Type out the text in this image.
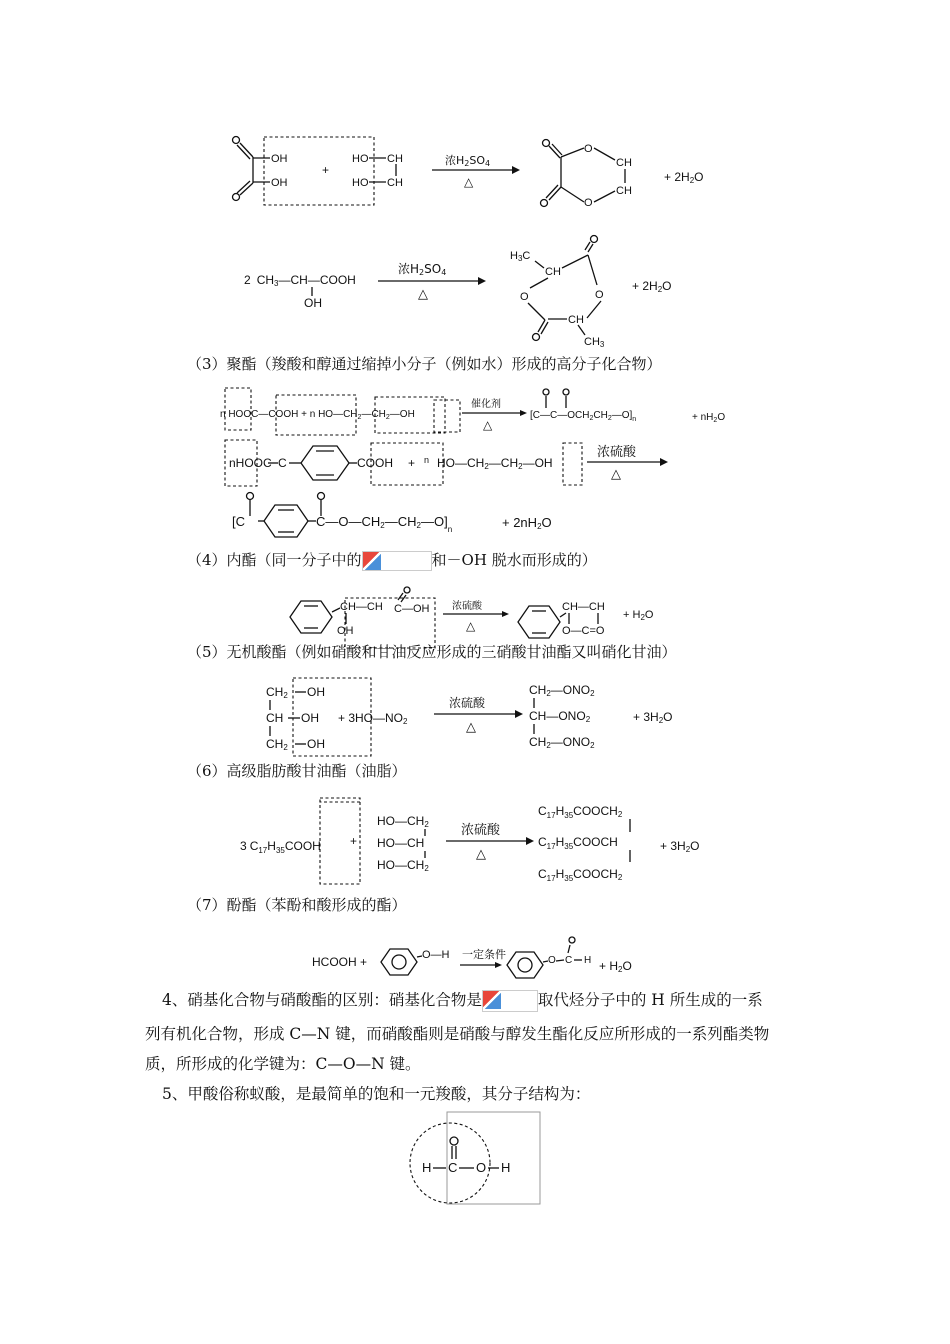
OH
OH
+
HO CH
HO CH
浓H2SO4
△
O
CH
CH
O
+ 2H2O
2 CH3—CH—COOH
OH
浓H2SO4
△
H3C
CH
O
O
CH
CH3
+ 2H2O
n HOOC—COOH + n $HO—CH_2—CH_2—OH$
催化剂
△
$[C—C—OCH_2CH_2—O]_n$	+ $nH_2O$
nHOOC C	COOH + n HO—CH2—CH2—OH
浓硫酸
△
[C	$C—O—CH2—CH2—O]_n$	+ 2nH2O
CH—CH C—OH
OH
浓硫酸
△
CH—CH
O—C=O
+ H2O
CH2 OH
CH OH
CH2 OH
+ 3HO—NO2
浓硫酸
△
CH2—ONO2
CH—ONO2
CH2—ONO2
+ 3H2O
3 $C_{17}H_{35}COOH$ +
HO—CH2
HO—CH
HO—CH2
浓硫酸
△
$C_{17}H_{35}COOCH2$
$C_{17}H_{35}COOCH$
$C_{17}H_{35}COOCH2$
+ 3H2O
HCOOH +	O—H 一定条件	O C H + H2O
H C O H
（3）聚酯（羧酸和醇通过缩掉小分子（例如水）形成的高分子化合物）
（4）内酯（同一分子中的	和－OH 脱水而形成的）
（5）无机酸酯（例如硝酸和甘油反应形成的三硝酸甘油酯又叫硝化甘油）
（6）高级脂肪酸甘油酯（油脂）
（7）酚酯（苯酚和酸形成的酯）
4、硝基化合物与硝酸酯的区别：硝基化合物是	取代烃分子中的 H 所生成的一系
列有机化合物，形成 C—N 键，而硝酸酯则是硝酸与醇发生酯化反应所形成的一系列酯类物
质，所形成的化学键为：C—O—N 键。
5、甲酸俗称蚁酸，是最简单的饱和一元羧酸，其分子结构为：
